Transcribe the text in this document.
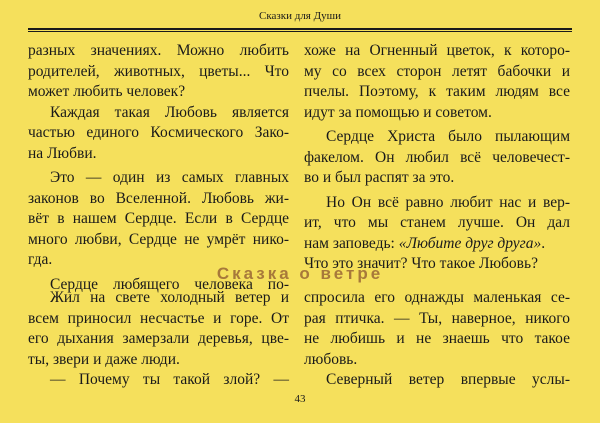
Сказки для Души
разных значениях. Можно любить
родителей, животных, цветы... Что
может любить человек?
Каждая такая Любовь является
частью единого Космического Зако-
на Любви.
Это — один из самых главных
законов во Вселенной. Любовь жи-
вёт в нашем Сердце. Если в Сердце
много любви, Сердце не умрёт нико-
гда.
Сердце любящего человека по-
хоже на Огненный цветок, к которо-
му со всех сторон летят бабочки и
пчелы. Поэтому, к таким людям все
идут за помощью и советом.
Сердце Христа было пылающим
факелом. Он любил всё человечест-
во и был распят за это.
Но Он всё равно любит нас и вер-
ит, что мы станем лучше. Он дал
нам заповедь: «Любите друг друга».
Что это значит? Что такое Любовь?
Сказка о ветре
Жил на свете холодный ветер и
всем приносил несчастье и горе. От
его дыхания замерзали деревья, цве-
ты, звери и даже люди.
— Почему ты такой злой? —
спросила его однажды маленькая се-
рая птичка. — Ты, наверное, никого
не любишь и не знаешь что такое
любовь.
Северный ветер впервые услы-
43
